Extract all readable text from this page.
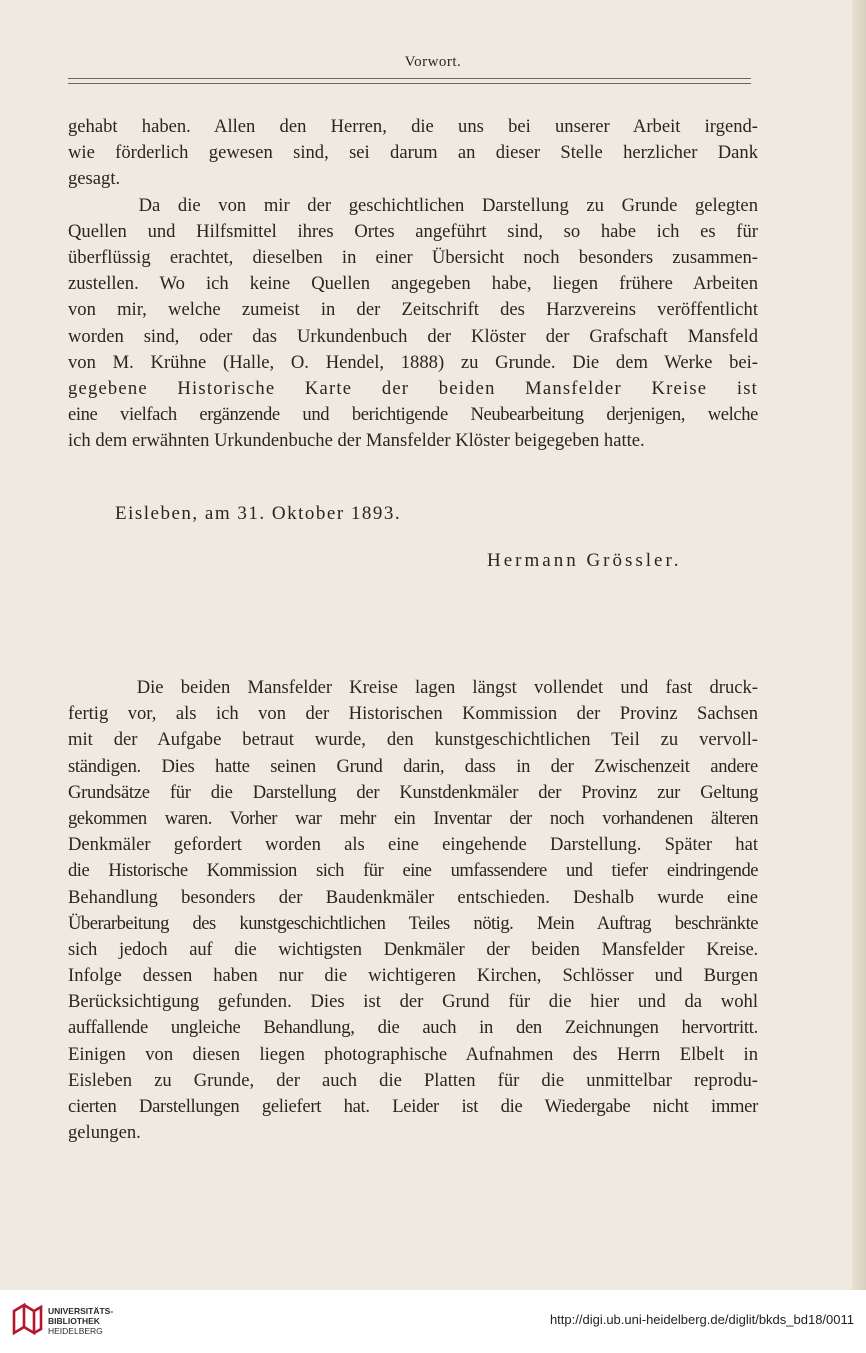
Vorwort.
gehabt haben. Allen den Herren, die uns bei unserer Arbeit irgend-
wie förderlich gewesen sind, sei darum an dieser Stelle herzlicher Dank
gesagt.
Da die von mir der geschichtlichen Darstellung zu Grunde gelegten
Quellen und Hilfsmittel ihres Ortes angeführt sind, so habe ich es für
überflüssig erachtet, dieselben in einer Übersicht noch besonders zusammen-
zustellen. Wo ich keine Quellen angegeben habe, liegen frühere Arbeiten
von mir, welche zumeist in der Zeitschrift des Harzvereins veröffentlicht
worden sind, oder das Urkundenbuch der Klöster der Grafschaft Mansfeld
von M. Krühne (Halle, O. Hendel, 1888) zu Grunde. Die dem Werke bei-
gegebene Historische Karte der beiden Mansfelder Kreise ist
eine vielfach ergänzende und berichtigende Neubearbeitung derjenigen, welche
ich dem erwähnten Urkundenbuche der Mansfelder Klöster beigegeben hatte.
Eisleben, am 31. Oktober 1893.
Hermann Grössler.
Die beiden Mansfelder Kreise lagen längst vollendet und fast druck-
fertig vor, als ich von der Historischen Kommission der Provinz Sachsen
mit der Aufgabe betraut wurde, den kunstgeschichtlichen Teil zu vervoll-
ständigen. Dies hatte seinen Grund darin, dass in der Zwischenzeit andere
Grundsätze für die Darstellung der Kunstdenkmäler der Provinz zur Geltung
gekommen waren. Vorher war mehr ein Inventar der noch vorhandenen älteren
Denkmäler gefordert worden als eine eingehende Darstellung. Später hat
die Historische Kommission sich für eine umfassendere und tiefer eindringende
Behandlung besonders der Baudenkmäler entschieden. Deshalb wurde eine
Überarbeitung des kunstgeschichtlichen Teiles nötig. Mein Auftrag beschränkte
sich jedoch auf die wichtigsten Denkmäler der beiden Mansfelder Kreise.
Infolge dessen haben nur die wichtigeren Kirchen, Schlösser und Burgen
Berücksichtigung gefunden. Dies ist der Grund für die hier und da wohl
auffallende ungleiche Behandlung, die auch in den Zeichnungen hervortritt.
Einigen von diesen liegen photographische Aufnahmen des Herrn Elbelt in
Eisleben zu Grunde, der auch die Platten für die unmittelbar reprodu-
cierten Darstellungen geliefert hat. Leider ist die Wiedergabe nicht immer
gelungen.
UNIVERSITÄTS-
BIBLIOTHEK
HEIDELBERG
http://digi.ub.uni-heidelberg.de/diglit/bkds_bd18/0011
